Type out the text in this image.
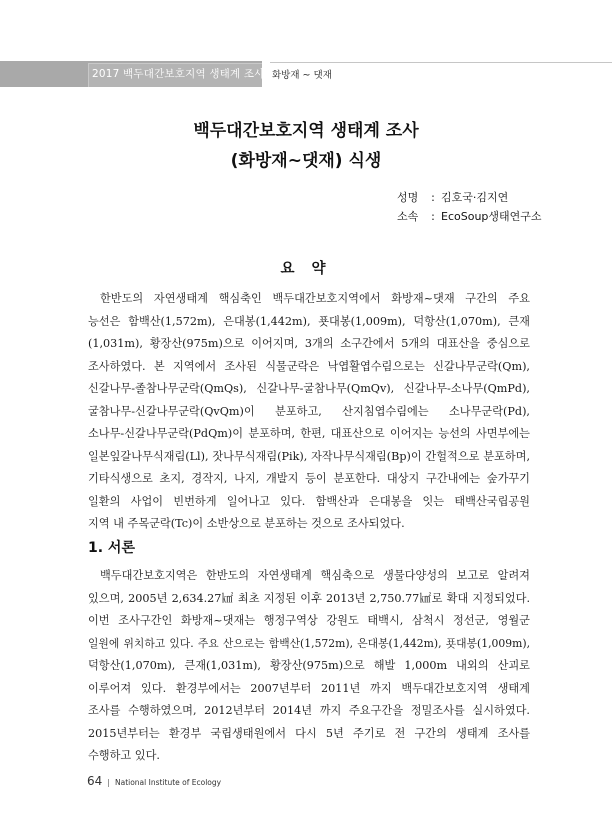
2017 백두대간보호지역 생태계 조사 화방재 ~ 댓재
백두대간보호지역 생태계 조사
(화방재~댓재) 식생
성명 : 김호국·김지연
소속 : EcoSoup생태연구소
요 약
한반도의 자연생태계 핵심축인 백두대간보호지역에서 화방재~댓재 구간의 주요
능선은 함백산(1,572m), 은대봉(1,442m), 푯대봉(1,009m), 덕항산(1,070m), 큰재
(1,031m), 황장산(975m)으로 이어지며, 3개의 소구간에서 5개의 대표산을 중심으로
조사하였다. 본 지역에서 조사된 식물군락은 낙엽활엽수림으로는 신갈나무군락(Qm),
신갈나무-졸참나무군락(QmQs), 신갈나무-굴참나무(QmQv), 신갈나무-소나무(QmPd),
굴참나무-신갈나무군락(QvQm)이 분포하고, 산지침엽수림에는 소나무군락(Pd),
소나무-신갈나무군락(PdQm)이 분포하며, 한편, 대표산으로 이어지는 능선의 사면부에는
일본잎갈나무식재림(Ll), 잣나무식재림(Pik), 자작나무식재림(Bp)이 간헐적으로 분포하며,
기타식생으로 초지, 경작지, 나지, 개발지 등이 분포한다. 대상지 구간내에는 숲가꾸기
일환의 사업이 빈번하게 일어나고 있다. 함백산과 은대봉을 잇는 태백산국립공원
지역 내 주목군락(Tc)이 소반상으로 분포하는 것으로 조사되었다.
1. 서론
백두대간보호지역은 한반도의 자연생태계 핵심축으로 생물다양성의 보고로 알려져
있으며, 2005년 2,634.27㎢ 최초 지정된 이후 2013년 2,750.77㎢로 확대 지정되었다.
이번 조사구간인 화방재~댓재는 행정구역상 강원도 태백시, 삼척시 정선군, 영월군
일원에 위치하고 있다. 주요 산으로는 함백산(1,572m), 은대봉(1,442m), 푯대봉(1,009m),
덕항산(1,070m), 큰재(1,031m), 황장산(975m)으로 해발 1,000m 내외의 산괴로
이루어져 있다. 환경부에서는 2007년부터 2011년 까지 백두대간보호지역 생태계
조사를 수행하였으며, 2012년부터 2014년 까지 주요구간을 정밀조사를 실시하였다.
2015년부터는 환경부 국립생태원에서 다시 5년 주기로 전 구간의 생태계 조사를
수행하고 있다.
64 | National Institute of Ecology
